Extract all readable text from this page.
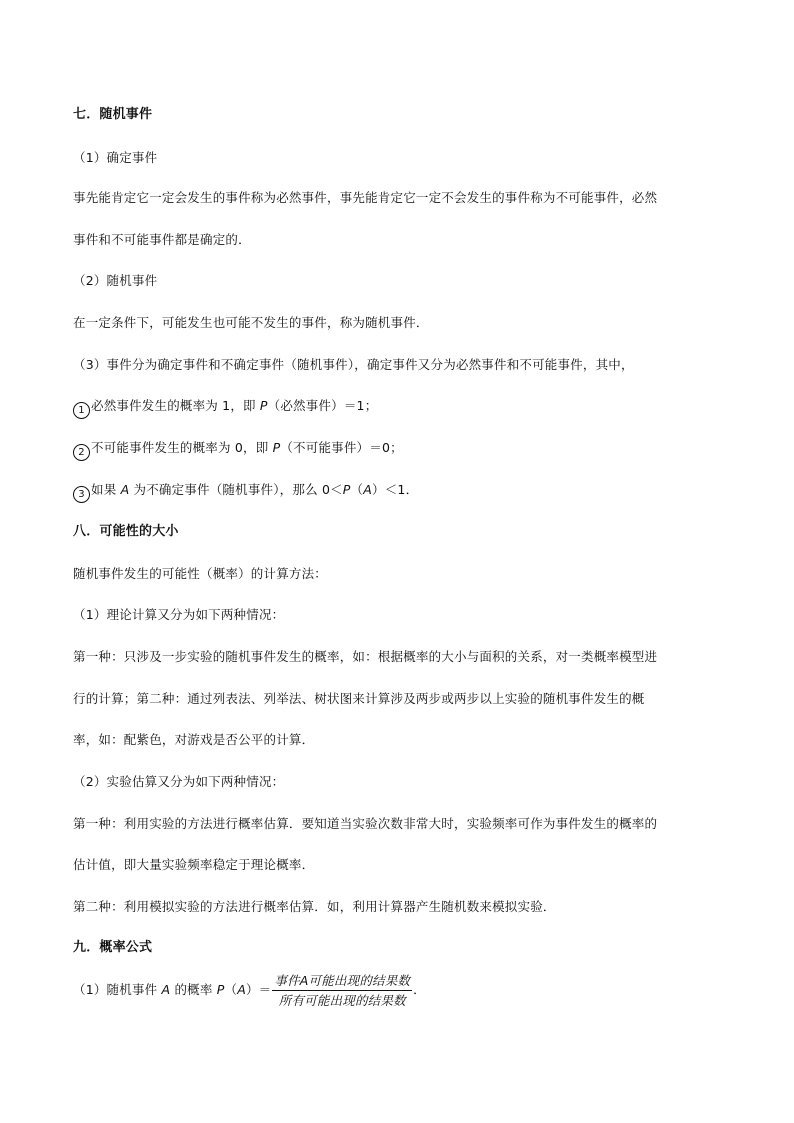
七．随机事件
（1）确定事件
事先能肯定它一定会发生的事件称为必然事件，事先能肯定它一定不会发生的事件称为不可能事件，必然
事件和不可能事件都是确定的．
（2）随机事件
在一定条件下，可能发生也可能不发生的事件，称为随机事件．
（3）事件分为确定事件和不确定事件（随机事件），确定事件又分为必然事件和不可能事件，其中，
1 必然事件发生的概率为 1，即 P（必然事件）＝1；
2 不可能事件发生的概率为 0，即 P（不可能事件）＝0；
3 如果 A 为不确定事件（随机事件），那么 0＜P（A）＜1．
八．可能性的大小
随机事件发生的可能性（概率）的计算方法：
（1）理论计算又分为如下两种情况：
第一种：只涉及一步实验的随机事件发生的概率，如：根据概率的大小与面积的关系，对一类概率模型进
行的计算；第二种：通过列表法、列举法、树状图来计算涉及两步或两步以上实验的随机事件发生的概
率，如：配紫色，对游戏是否公平的计算．
（2）实验估算又分为如下两种情况：
第一种：利用实验的方法进行概率估算．要知道当实验次数非常大时，实验频率可作为事件发生的概率的
估计值，即大量实验频率稳定于理论概率．
第二种：利用模拟实验的方法进行概率估算．如，利用计算器产生随机数来模拟实验．
九．概率公式
（1）随机事件 A 的概率 $P(A)= \frac{\text{事件A可能出现的结果数}}{\text{所有可能出现的结果数}}$ ．
